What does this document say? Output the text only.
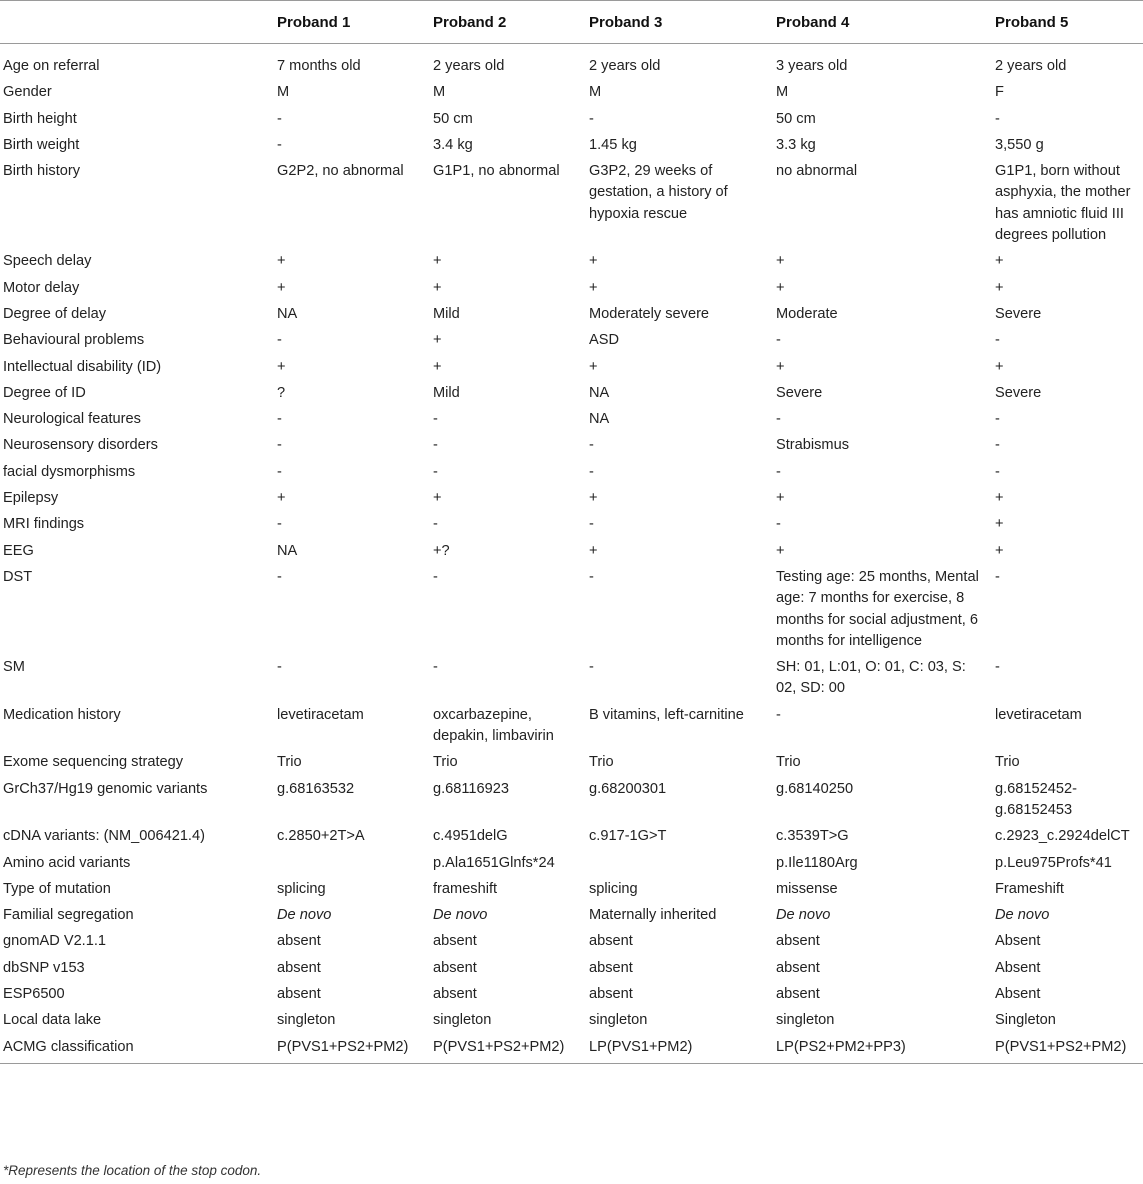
	Proband 1	Proband 2	Proband 3	Proband 4	Proband 5
Age on referral	7 months old	2 years old	2 years old	3 years old	2 years old
Gender	M	M	M	M	F
Birth height	-	50 cm	-	50 cm	-
Birth weight	-	3.4 kg	1.45 kg	3.3 kg	3,550 g
Birth history	G2P2, no abnormal	G1P1, no abnormal	G3P2, 29 weeks of gestation, a history of hypoxia rescue	no abnormal	G1P1, born without asphyxia, the mother has amniotic fluid III degrees pollution
Speech delay	+	+	+	+	+
Motor delay	+	+	+	+	+
Degree of delay	NA	Mild	Moderately severe	Moderate	Severe
Behavioural problems	-	+	ASD	-	-
Intellectual disability (ID)	+	+	+	+	+
Degree of ID	?	Mild	NA	Severe	Severe
Neurological features	-	-	NA	-	-
Neurosensory disorders	-	-	-	Strabismus	-
facial dysmorphisms	-	-	-	-	-
Epilepsy	+	+	+	+	+
MRI findings	-	-	-	-	+
EEG	NA	+?	+	+	+
DST	-	-	-	Testing age: 25 months, Mental age: 7 months for exercise, 8 months for social adjustment, 6 months for intelligence	-
SM	-	-	-	SH: 01, L:01, O: 01, C: 03, S: 02, SD: 00	-
Medication history	levetiracetam	oxcarbazepine, depakin, limbavirin	B vitamins, left-carnitine	-	levetiracetam
Exome sequencing strategy	Trio	Trio	Trio	Trio	Trio
GrCh37/Hg19 genomic variants	g.68163532	g.68116923	g.68200301	g.68140250	g.68152452-g.68152453
cDNA variants: (NM_006421.4)	c.2850+2T>A	c.4951delG	c.917-1G>T	c.3539T>G	c.2923_c.2924delCT
Amino acid variants		p.Ala1651Glnfs*24		p.Ile1180Arg	p.Leu975Profs*41
Type of mutation	splicing	frameshift	splicing	missense	Frameshift
Familial segregation	De novo	De novo	Maternally inherited	De novo	De novo
gnomAD V2.1.1	absent	absent	absent	absent	Absent
dbSNP v153	absent	absent	absent	absent	Absent
ESP6500	absent	absent	absent	absent	Absent
Local data lake	singleton	singleton	singleton	singleton	Singleton
ACMG classification	P(PVS1+PS2+PM2)	P(PVS1+PS2+PM2)	LP(PVS1+PM2)	LP(PS2+PM2+PP3)	P(PVS1+PS2+PM2)
*Represents the location of the stop codon.
